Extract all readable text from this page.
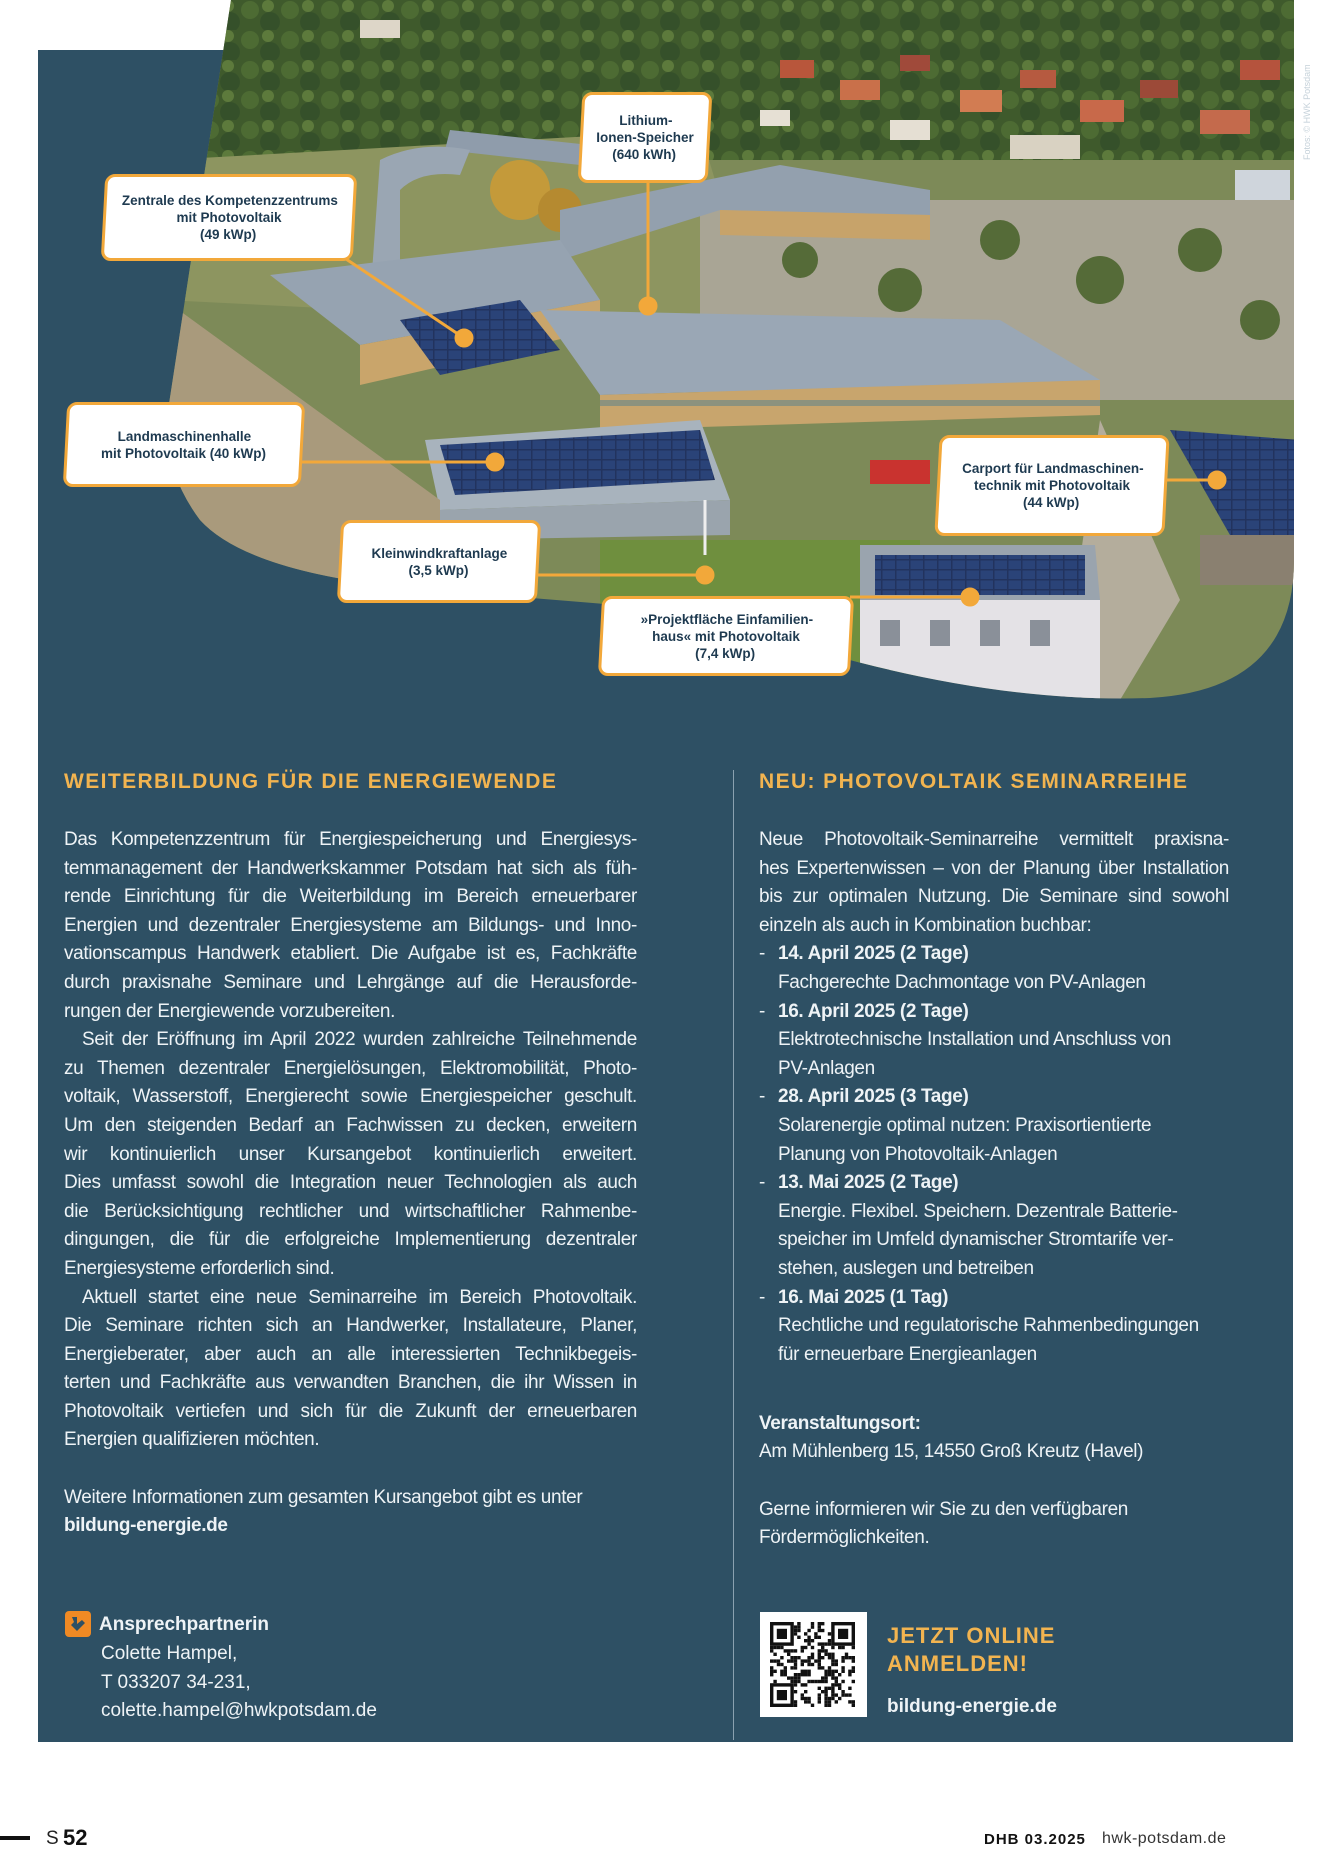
Fotos: © HWK Potsdam
Zentrale des Kompetenzzentrums
mit Photovoltaik
(49 kWp)
Lithium-
Ionen-Speicher
(640 kWh)
Landmaschinenhalle
mit Photovoltaik (40 kWp)
Kleinwindkraftanlage
(3,5 kWp)
»Projektfläche Einfamilien-
haus« mit Photovoltaik
(7,4 kWp)
Carport für Landmaschinen-
technik mit Photovoltaik
(44 kWp)
WEITERBILDUNG FÜR DIE ENERGIEWENDE	NEU: PHOTOVOLTAIK SEMINARREIHE
Das Kompetenzzentrum für Energiespeicherung und Energiesys-
temmanagement der Handwerkskammer Potsdam hat sich als füh-
rende Einrichtung für die Weiterbildung im Bereich erneuerbarer
Energien und dezentraler Energiesysteme am Bildungs- und Inno-
vationscampus Handwerk etabliert. Die Aufgabe ist es, Fachkräfte
durch praxisnahe Seminare und Lehrgänge auf die Herausforde-
rungen der Energiewende vorzubereiten.
Seit der Eröffnung im April 2022 wurden zahlreiche Teilnehmende
zu Themen dezentraler Energielösungen, Elektromobilität, Photo-
voltaik, Wasserstoff, Energierecht sowie Energiespeicher geschult.
Um den steigenden Bedarf an Fachwissen zu decken, erweitern
wir kontinuierlich unser Kursangebot kontinuierlich erweitert.
Dies umfasst sowohl die Integration neuer Technologien als auch
die Berücksichtigung rechtlicher und wirtschaftlicher Rahmenbe-
dingungen, die für die erfolgreiche Implementierung dezentraler
Energiesysteme erforderlich sind.
Aktuell startet eine neue Seminarreihe im Bereich Photovoltaik.
Die Seminare richten sich an Handwerker, Installateure, Planer,
Energieberater, aber auch an alle interessierten Technikbegeis-
terten und Fachkräfte aus verwandten Branchen, die ihr Wissen in
Photovoltaik vertiefen und sich für die Zukunft der erneuerbaren
Energien qualifizieren möchten.
Weitere Informationen zum gesamten Kursangebot gibt es unter
bildung-energie.de
Neue Photovoltaik-Seminarreihe vermittelt praxisna-
hes Expertenwissen – von der Planung über Installation
bis zur optimalen Nutzung. Die Seminare sind sowohl
einzeln als auch in Kombination buchbar:
- 14. April 2025 (2 Tage)
Fachgerechte Dachmontage von PV-Anlagen
- 16. April 2025 (2 Tage)
Elektrotechnische Installation und Anschluss von
PV-Anlagen
- 28. April 2025 (3 Tage)
Solarenergie optimal nutzen: Praxisortientierte
Planung von Photovoltaik-Anlagen
- 13. Mai 2025 (2 Tage)
Energie. Flexibel. Speichern. Dezentrale Batterie-
speicher im Umfeld dynamischer Stromtarife ver-
stehen, auslegen und betreiben
- 16. Mai 2025 (1 Tag)
Rechtliche und regulatorische Rahmenbedingungen
für erneuerbare Energieanlagen
Veranstaltungsort:
Am Mühlenberg 15, 14550 Groß Kreutz (Havel)
Gerne informieren wir Sie zu den verfügbaren
Fördermöglichkeiten.
Ansprechpartnerin
Colette Hampel,
T 033207 34-231,
colette.hampel@hwkpotsdam.de
JETZT ONLINE
ANMELDEN!
bildung-energie.de
S 52	DHB 03.2025 hwk-potsdam.de
